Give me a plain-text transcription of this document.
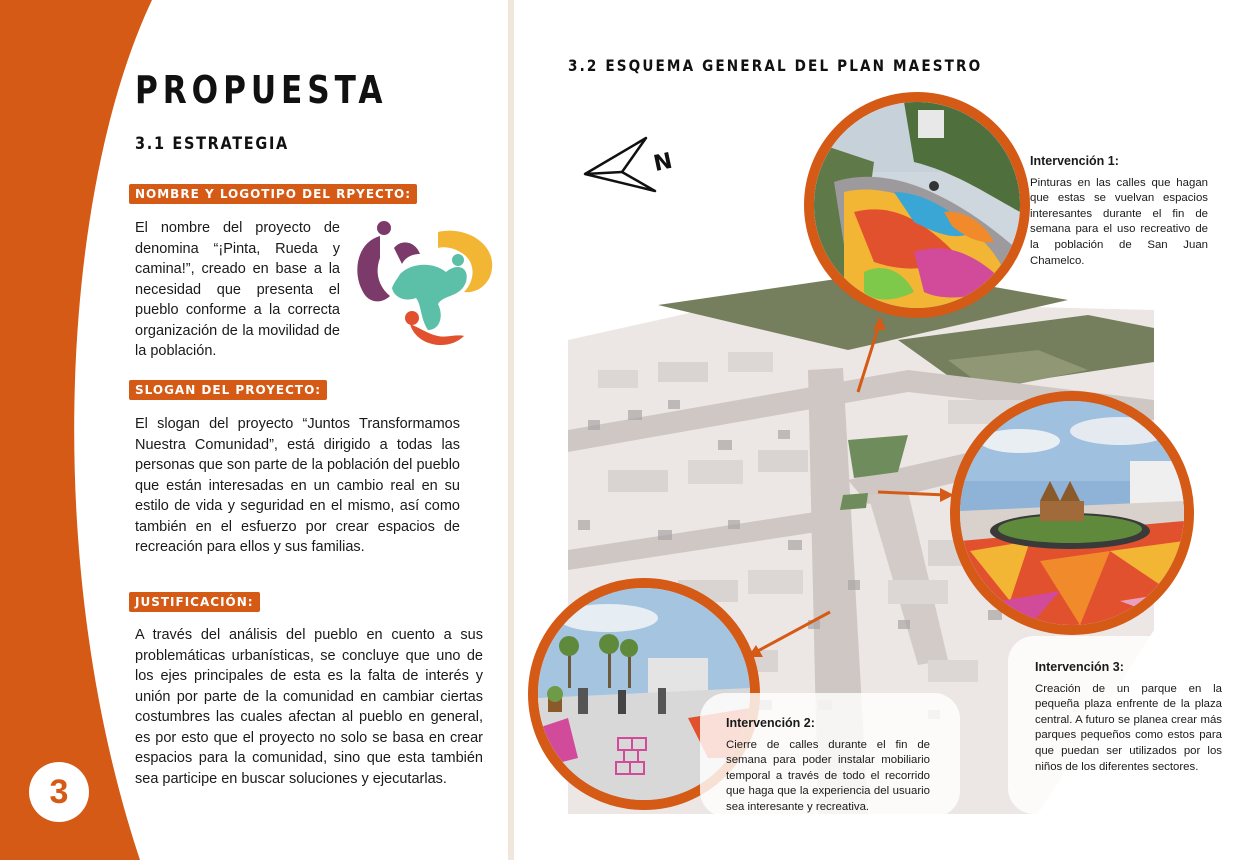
3
PROPUESTA
3.1 ESTRATEGIA
NOMBRE Y LOGOTIPO DEL RPYECTO:
El nombre del proyecto de denomina “¡Pinta, Rueda y camina!”, creado en base a la necesidad que presenta el pueblo conforme a la correcta organización de la movilidad de la población.
SLOGAN DEL PROYECTO:
El slogan del proyecto “Juntos Transformamos Nuestra Comunidad”, está dirigido a todas las personas que son parte de la población del pueblo que están interesadas en un cambio real en su estilo de vida y seguridad en el mismo, así como también en el esfuerzo por crear espacios de recreación para ellos y sus familias.
JUSTIFICACIÓN:
A través del análisis del pueblo en cuento a sus problemáticas urbanísticas, se concluye que uno de los ejes principales de esta es la falta de interés y unión por parte de la comunidad en cambiar ciertas costumbres las cuales afectan al pueblo en general, es por esto que el proyecto no solo se basa en crear espacios para la comunidad, sino que esta también sea participe en buscar soluciones y ejecutarlas.
3.2 ESQUEMA GENERAL DEL PLAN MAESTRO
N	Intervención 1:
Pinturas en las calles que hagan que estas se vuelvan espacios interesantes durante el fin de semana para el uso recreativo de la población de San Juan Chamelco.
Intervención 2:
Cierre de calles durante el fin de semana para poder instalar mobiliario temporal a través de todo el recorrido que haga que la experiencia del usuario sea interesante y recreativa.
Intervención 3:
Creación de un parque en la pequeña plaza enfrente de la plaza central. A futuro se planea crear más parques pequeños como estos para que puedan ser utilizados por los niños de los diferentes sectores.
